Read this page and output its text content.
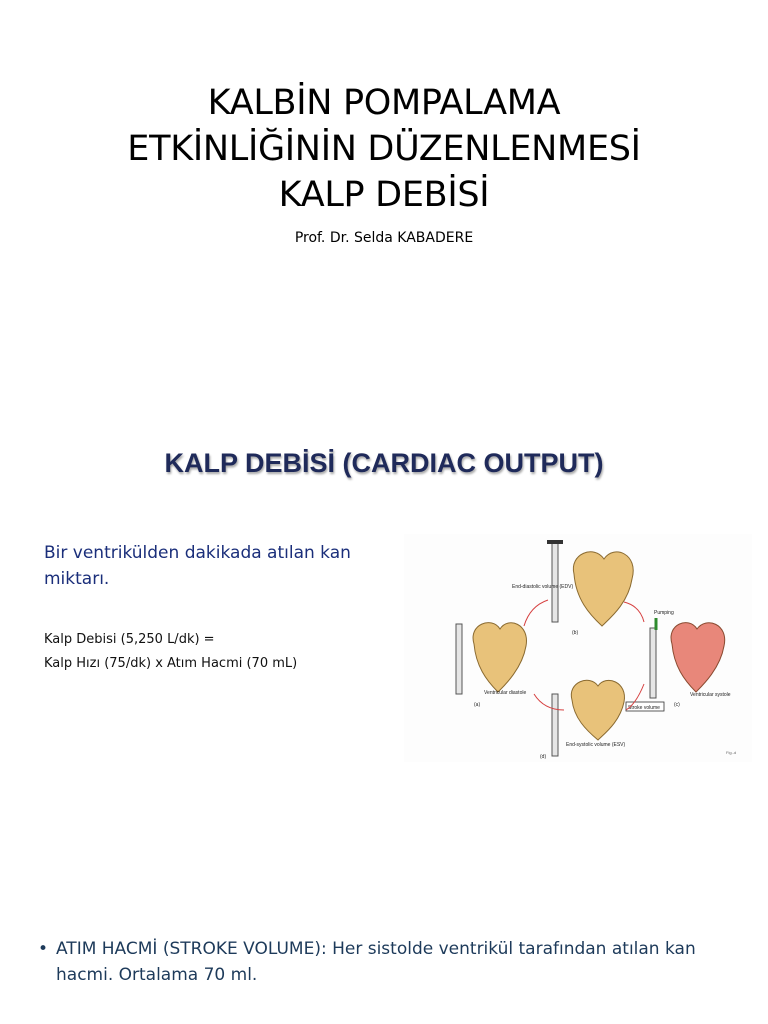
KALBİN POMPALAMA
ETKİNLİĞİNİN DÜZENLENMESİ
KALP DEBİSİ
Prof. Dr. Selda KABADERE
KALP DEBİSİ (CARDIAC OUTPUT)
Bir ventrikülden dakikada atılan kan miktarı.
Kalp Debisi (5,250 L/dk) =
Kalp Hızı (75/dk) x Atım Hacmi (70 mL)
End-diastolic volume (EDV)
(b)
Pumping
Ventricular systole
(c)
Stroke volume
Ventricular diastole
(a)
End-systolic volume (ESV)
(d)
Fig.-d
• ATIM HACMİ (STROKE VOLUME): Her sistolde ventrikül tarafından atılan kan hacmi. Ortalama 70 ml.
